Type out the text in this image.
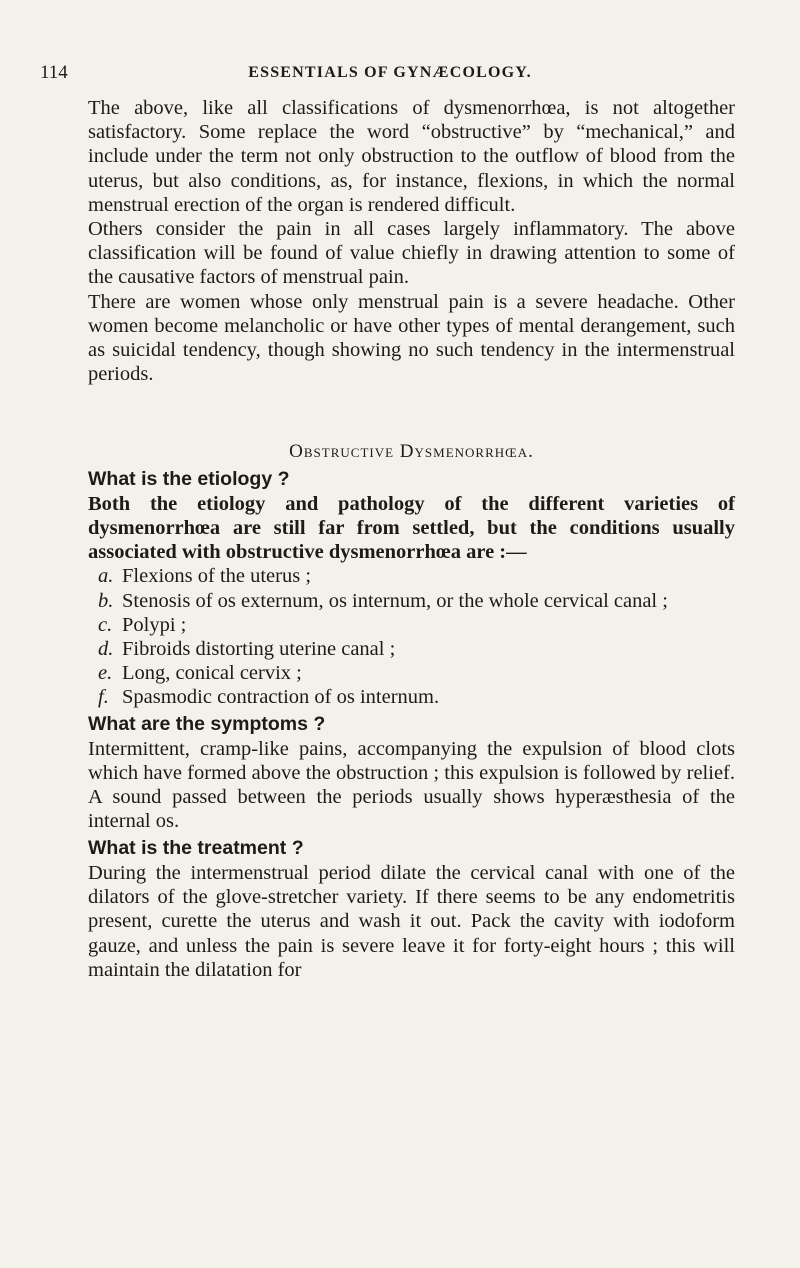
114	ESSENTIALS OF GYNÆCOLOGY.

The above, like all classifications of dysmenorrhœa, is not altogether satisfactory. Some replace the word “obstructive” by “mechanical,” and include under the term not only obstruction to the outflow of blood from the uterus, but also conditions, as, for instance, flexions, in which the normal menstrual erection of the organ is rendered difficult.

Others consider the pain in all cases largely inflammatory. The above classification will be found of value chiefly in drawing attention to some of the causative factors of menstrual pain.

There are women whose only menstrual pain is a severe headache. Other women become melancholic or have other types of mental derangement, such as suicidal tendency, though showing no such tendency in the intermenstrual periods.

Obstructive Dysmenorrhœa.
What is the etiology ?

Both the etiology and pathology of the different varieties of dysmenorrhœa are still far from settled, but the conditions usually associated with obstructive dysmenorrhœa are :—

a. Flexions of the uterus ;
b. Stenosis of os externum, os internum, or the whole cervical canal ;
c. Polypi ;
d. Fibroids distorting uterine canal ;
e. Long, conical cervix ;
f. Spasmodic contraction of os internum.
What are the symptoms ?

Intermittent, cramp-like pains, accompanying the expulsion of blood clots which have formed above the obstruction ; this expulsion is followed by relief. A sound passed between the periods usually shows hyperæsthesia of the internal os.

What is the treatment ?

During the intermenstrual period dilate the cervical canal with one of the dilators of the glove-stretcher variety. If there seems to be any endometritis present, curette the uterus and wash it out. Pack the cavity with iodoform gauze, and unless the pain is severe leave it for forty-eight hours ; this will maintain the dilatation for
